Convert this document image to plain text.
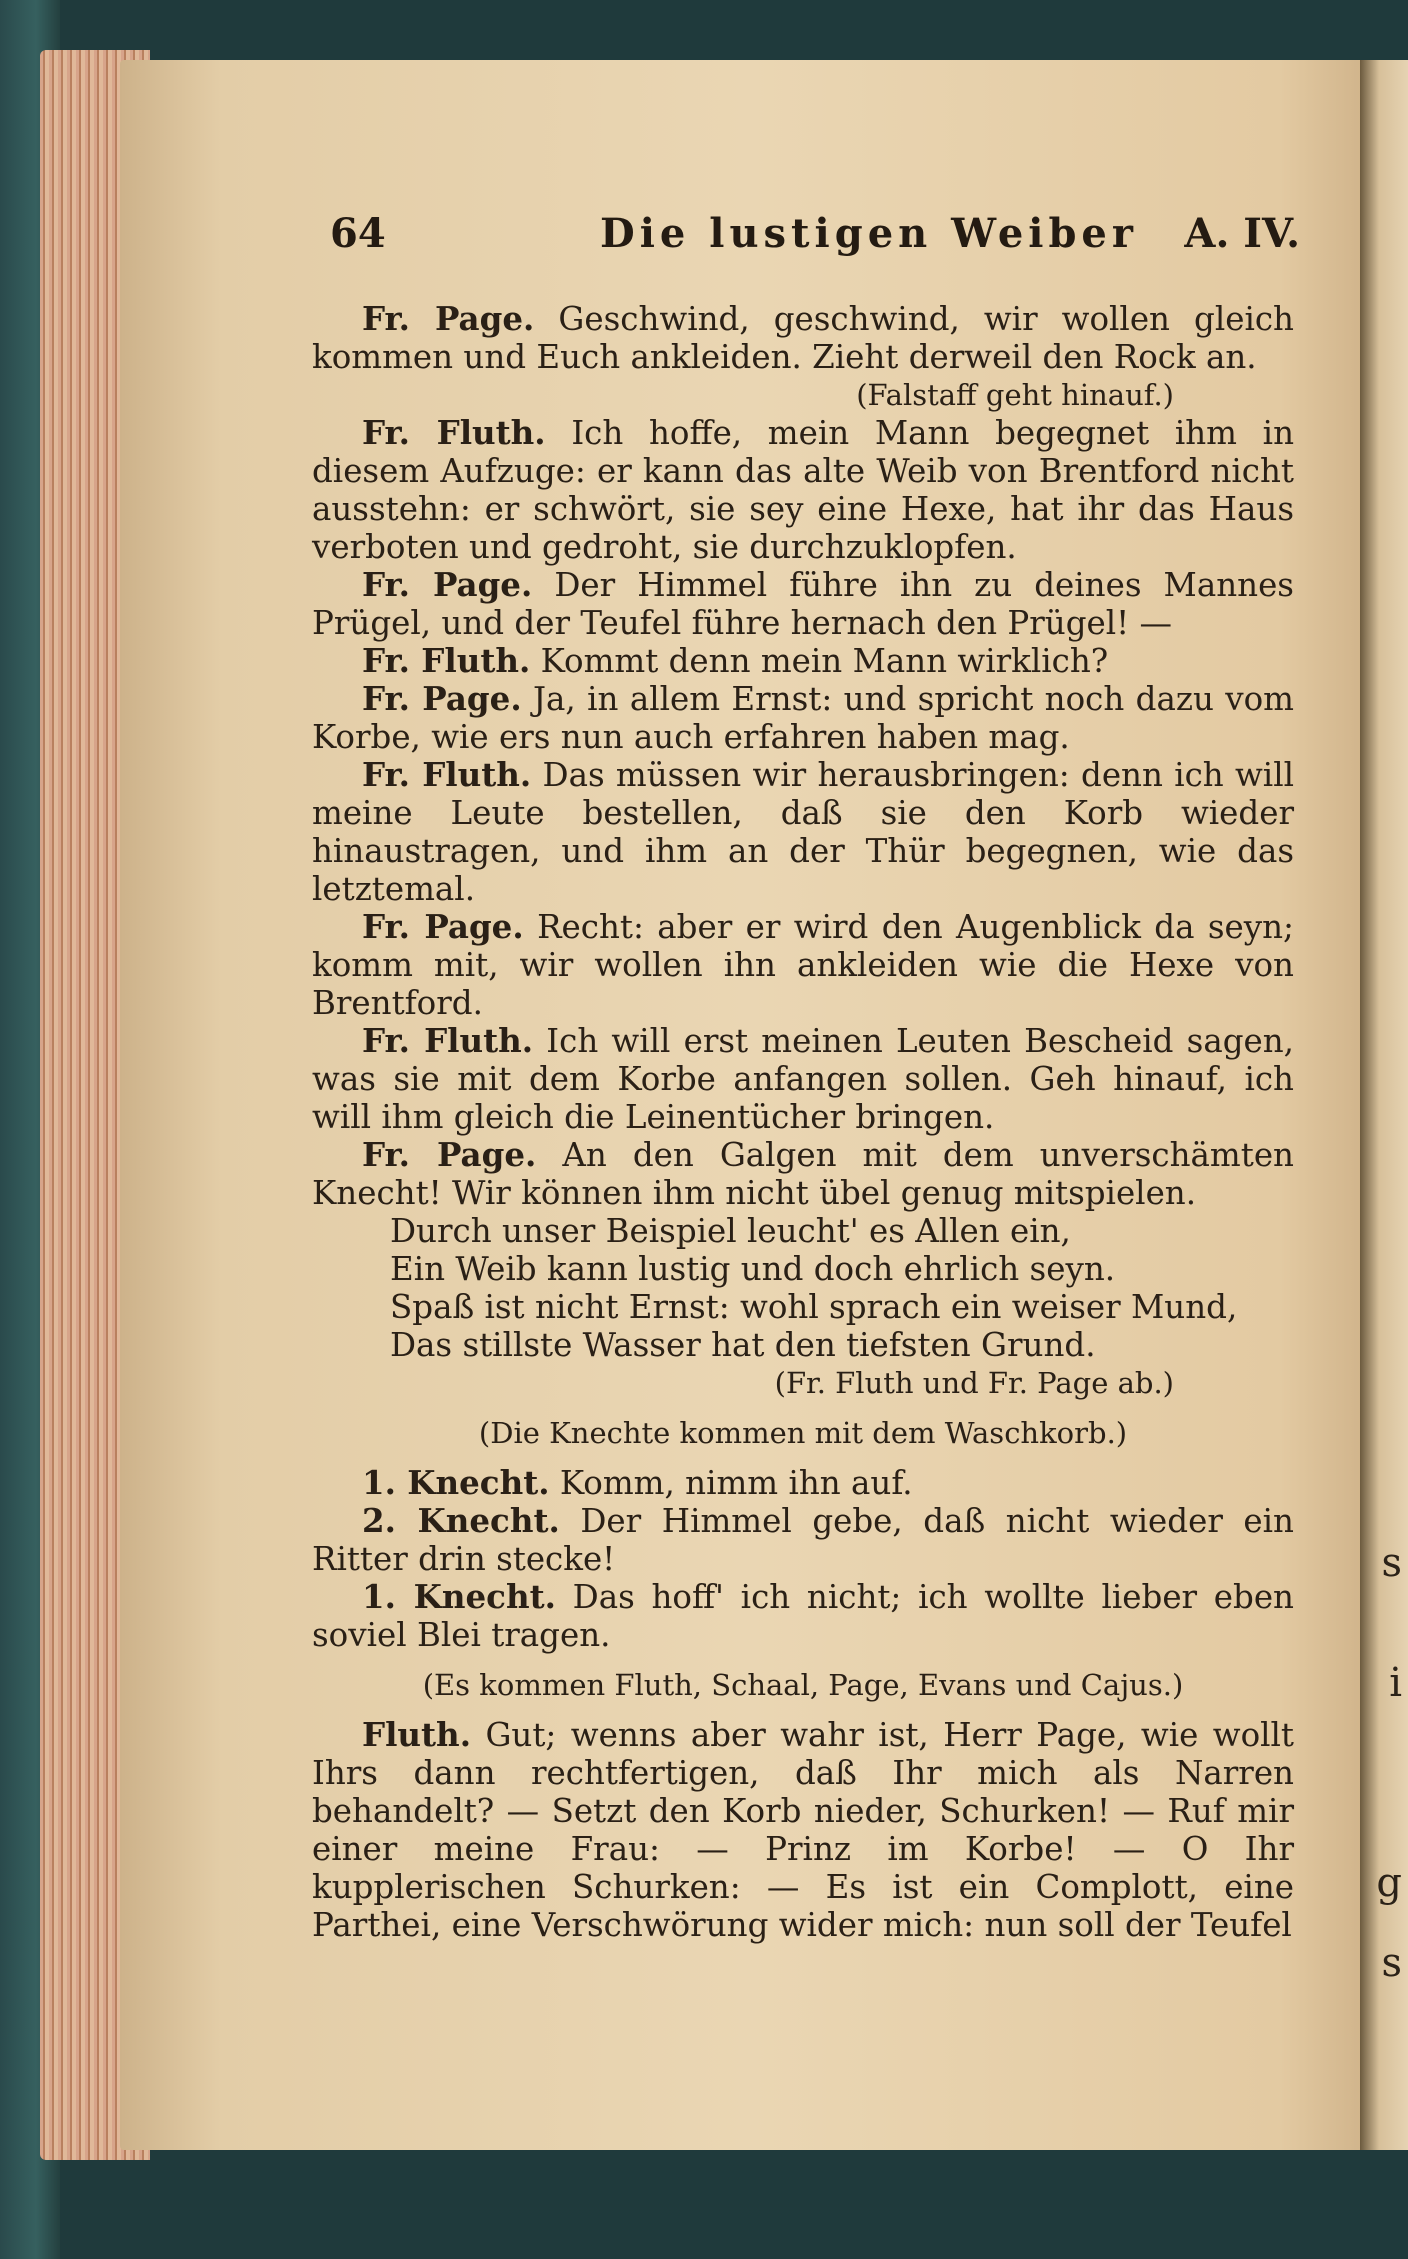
s
i
g
s
64	Die lustigen Weiber A. IV.

Fr. Page. Geschwind, geschwind, wir wollen gleich kommen und Euch ankleiden. Zieht derweil den Rock an.

(Falstaff geht hinauf.)

Fr. Fluth. Ich hoffe, mein Mann begegnet ihm in diesem Aufzuge: er kann das alte Weib von Brentford nicht ausstehn: er schwört, sie sey eine Hexe, hat ihr das Haus verboten und gedroht, sie durchzuklopfen.

Fr. Page. Der Himmel führe ihn zu deines Mannes Prügel, und der Teufel führe hernach den Prügel! —

Fr. Fluth. Kommt denn mein Mann wirklich?

Fr. Page. Ja, in allem Ernst: und spricht noch dazu vom Korbe, wie ers nun auch erfahren haben mag.

Fr. Fluth. Das müssen wir herausbringen: denn ich will meine Leute bestellen, daß sie den Korb wieder hinaustragen, und ihm an der Thür begegnen, wie das letztemal.

Fr. Page. Recht: aber er wird den Augenblick da seyn; komm mit, wir wollen ihn ankleiden wie die Hexe von Brentford.

Fr. Fluth. Ich will erst meinen Leuten Bescheid sagen, was sie mit dem Korbe anfangen sollen. Geh hinauf, ich will ihm gleich die Leinentücher bringen.

Fr. Page. An den Galgen mit dem unverschämten Knecht! Wir können ihm nicht übel genug mitspielen.

Durch unser Beispiel leucht' es Allen ein,

Ein Weib kann lustig und doch ehrlich seyn.

Spaß ist nicht Ernst: wohl sprach ein weiser Mund,

Das stillste Wasser hat den tiefsten Grund.

(Fr. Fluth und Fr. Page ab.)

(Die Knechte kommen mit dem Waschkorb.)

1. Knecht. Komm, nimm ihn auf.

2. Knecht. Der Himmel gebe, daß nicht wieder ein Ritter drin stecke!

1. Knecht. Das hoff' ich nicht; ich wollte lieber eben soviel Blei tragen.

(Es kommen Fluth, Schaal, Page, Evans und Cajus.)

Fluth. Gut; wenns aber wahr ist, Herr Page, wie wollt Ihrs dann rechtfertigen, daß Ihr mich als Narren behandelt? — Setzt den Korb nieder, Schurken! — Ruf mir einer meine Frau: — Prinz im Korbe! — O Ihr kupplerischen Schurken: — Es ist ein Complott, eine Parthei, eine Verschwörung wider mich: nun soll der Teufel
